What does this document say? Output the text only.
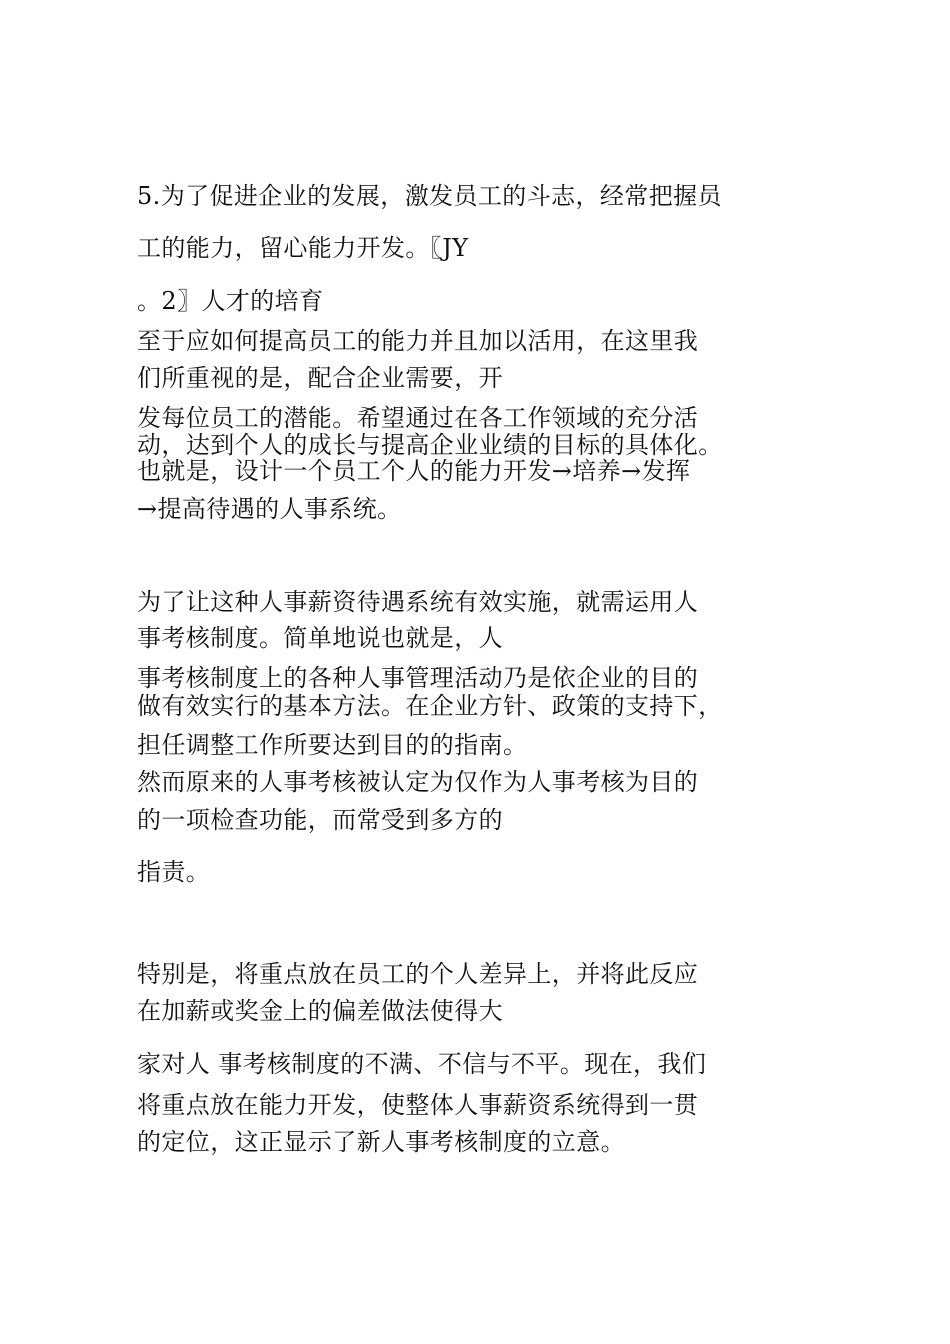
5.为了促进企业的发展，激发员工的斗志，经常把握员
工的能力，留心能力开发。〖JY
。2〗人才的培育
至于应如何提高员工的能力并且加以活用，在这里我
们所重视的是，配合企业需要，开
发每位员工的潜能。希望通过在各工作领域的充分活
动，达到个人的成长与提高企业业绩的目标的具体化。
也就是，设计一个员工个人的能力开发→培养→发挥
→提高待遇的人事系统。
为了让这种人事薪资待遇系统有效实施，就需运用人
事考核制度。简单地说也就是，人
事考核制度上的各种人事管理活动乃是依企业的目的
做有效实行的基本方法。在企业方针、政策的支持下，
担任调整工作所要达到目的的指南。
然而原来的人事考核被认定为仅作为人事考核为目的
的一项检查功能，而常受到多方的
指责。
特别是，将重点放在员工的个人差异上，并将此反应
在加薪或奖金上的偏差做法使得大
家对人 事考核制度的不满、不信与不平。现在，我们
将重点放在能力开发，使整体人事薪资系统得到一贯
的定位，这正显示了新人事考核制度的立意。
